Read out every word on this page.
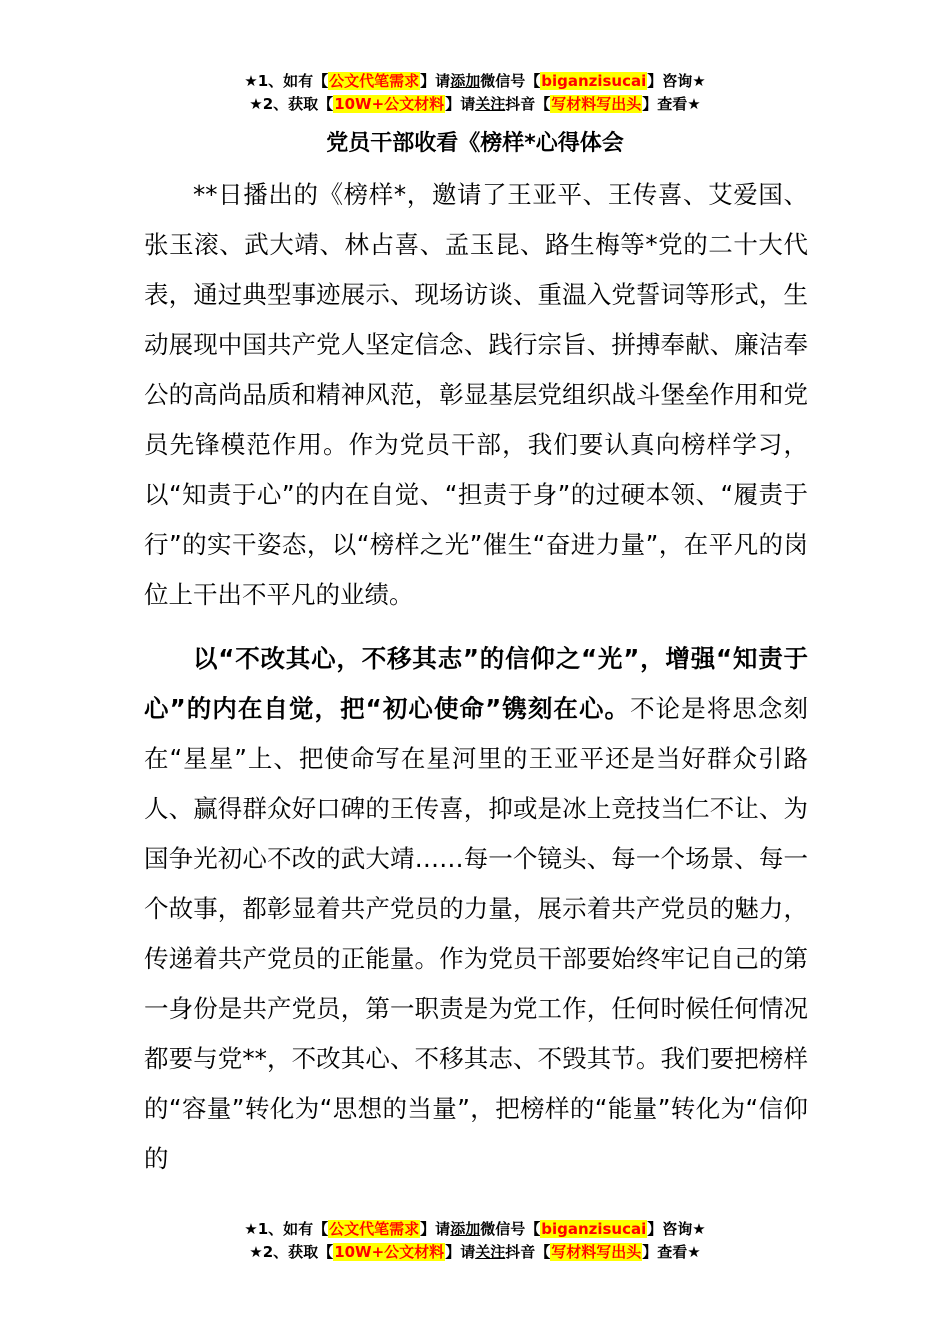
★1、如有【公文代笔需求】请添加微信号【biganzisucai】咨询★
★2、获取【10W+公文材料】请关注抖音【写材料写出头】查看★
党员干部收看《榜样*心得体会

**日播出的《榜样*，邀请了王亚平、王传喜、艾爱国、张玉滚、武大靖、林占喜、孟玉昆、路生梅等*党的二十大代表，通过典型事迹展示、现场访谈、重温入党誓词等形式，生动展现中国共产党人坚定信念、践行宗旨、拼搏奉献、廉洁奉公的高尚品质和精神风范，彰显基层党组织战斗堡垒作用和党员先锋模范作用。作为党员干部，我们要认真向榜样学习，以“知责于心”的内在自觉、“担责于身”的过硬本领、“履责于行”的实干姿态，以“榜样之光”催生“奋进力量”，在平凡的岗位上干出不平凡的业绩。

以“不改其心，不移其志”的信仰之“光”，增强“知责于心”的内在自觉，把“初心使命”镌刻在心。不论是将思念刻在“星星”上、把使命写在星河里的王亚平还是当好群众引路人、赢得群众好口碑的王传喜，抑或是冰上竞技当仁不让、为国争光初心不改的武大靖……每一个镜头、每一个场景、每一个故事，都彰显着共产党员的力量，展示着共产党员的魅力，传递着共产党员的正能量。作为党员干部要始终牢记自己的第一身份是共产党员，第一职责是为党工作，任何时候任何情况都要与党**，不改其心、不移其志、不毁其节。我们要把榜样的“容量”转化为“思想的当量”，把榜样的“能量”转化为“信仰的

★1、如有【公文代笔需求】请添加微信号【biganzisucai】咨询★
★2、获取【10W+公文材料】请关注抖音【写材料写出头】查看★
